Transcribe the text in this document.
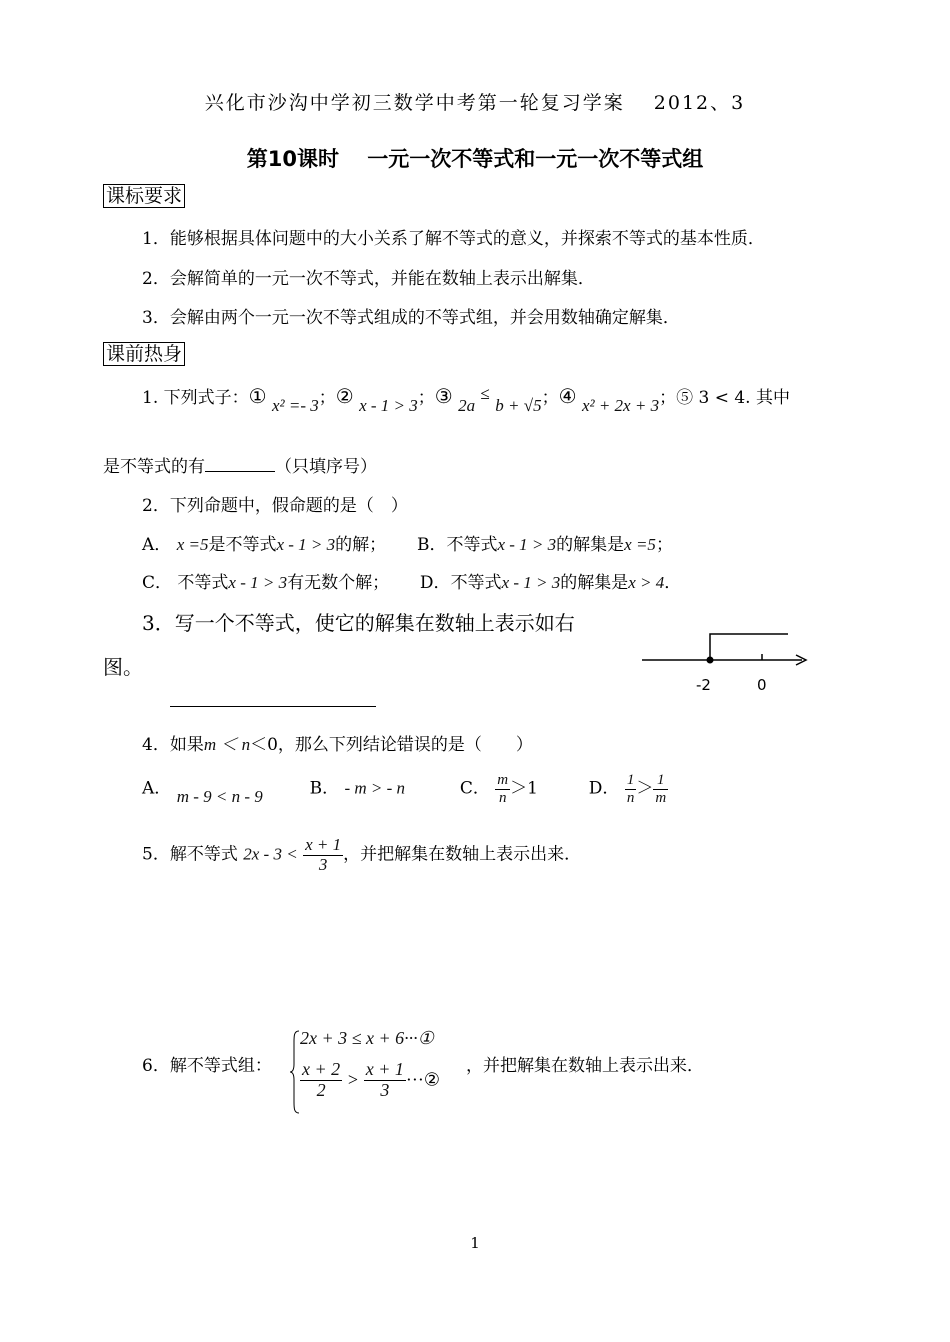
兴化市沙沟中学初三数学中考第一轮复习学案　 2012、3
第10课时　 一元一次不等式和一元一次不等式组
课标要求
1．能够根据具体问题中的大小关系了解不等式的意义，并探索不等式的基本性质．
2．会解简单的一元一次不等式，并能在数轴上表示出解集．
3．会解由两个一元一次不等式组成的不等式组，并会用数轴确定解集．
课前热身
1. 下列式子：① x² =- 3；② x - 1 > 3；③ 2a ≤ b + √5；④ x² + 2x + 3；⑤ 3 < 4. 其中
是不等式的有	（只填序号）
2．下列命题中，假命题的是（　）
A． x =5是不等式x - 1 > 3的解； B．不等式x - 1 > 3的解集是x =5；
C． 不等式x - 1 > 3有无数个解； D．不等式x - 1 > 3的解集是x > 4．
3．写一个不等式，使它的解集在数轴上表示如右
图。
-2	0
4．如果m ＜ n＜0，那么下列结论错误的是（　　）
A． m - 9 < n - 9	B． - m > - n	C． $\frac{m}{n} >1$	D． $\frac{1}{n} > \frac{1}{m}$
5．解不等式 $2x - 3 < \frac{x + 1}{3}$ ，并把解集在数轴上表示出来．
6．解不等式组：
2x + 3 ≤ x + 6···①
$\frac{x + 2}{2} > \frac{x + 1}{3}$ ···②
，并把解集在数轴上表示出来．
1
